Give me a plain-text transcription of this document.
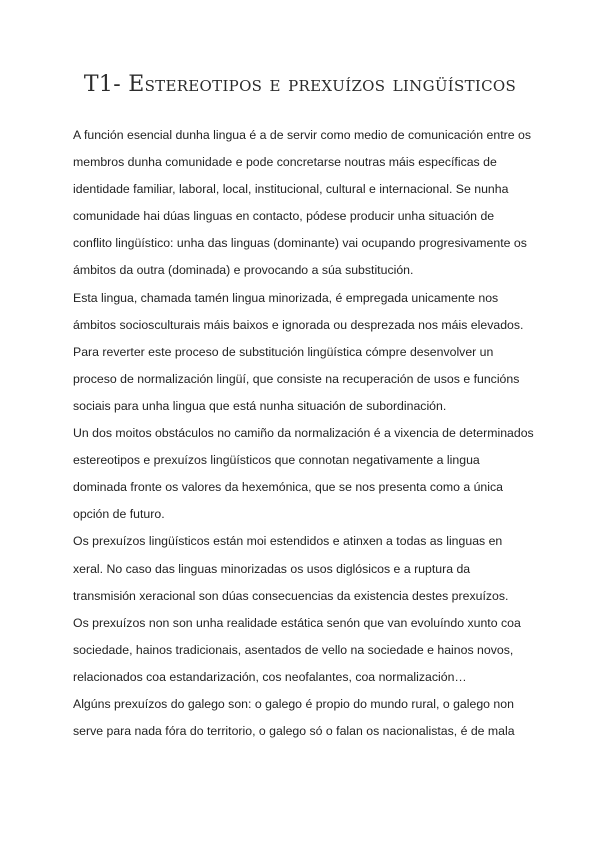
T1- Estereotipos e prexuízos lingüísticos
A función esencial dunha lingua é a de servir como medio de comunicación entre os
membros dunha comunidade e pode concretarse noutras máis específicas de
identidade familiar, laboral, local, institucional, cultural e internacional. Se nunha
comunidade hai dúas linguas en contacto, pódese producir unha situación de
conflito lingüístico: unha das linguas (dominante) vai ocupando progresivamente os
ámbitos da outra (dominada) e provocando a súa substitución.
Esta lingua, chamada tamén lingua minorizada, é empregada unicamente nos
ámbitos sociosculturais máis baixos e ignorada ou desprezada nos máis elevados.
Para reverter este proceso de substitución lingüística cómpre desenvolver un
proceso de normalización lingüí, que consiste na recuperación de usos e funcións
sociais para unha lingua que está nunha situación de subordinación.
Un dos moitos obstáculos no camiño da normalización é a vixencia de determinados
estereotipos e prexuízos lingüísticos que connotan negativamente a lingua
dominada fronte os valores da hexemónica, que se nos presenta como a única
opción de futuro.
Os prexuízos lingüísticos están moi estendidos e atinxen a todas as linguas en
xeral. No caso das linguas minorizadas os usos diglósicos e a ruptura da
transmisión xeracional son dúas consecuencias da existencia destes prexuízos.
Os prexuízos non son unha realidade estática senón que van evoluíndo xunto coa
sociedade, hainos tradicionais, asentados de vello na sociedade e hainos novos,
relacionados coa estandarización, cos neofalantes, coa normalización…
Algúns prexuízos do galego son: o galego é propio do mundo rural, o galego non
serve para nada fóra do territorio, o galego só o falan os nacionalistas, é de mala
